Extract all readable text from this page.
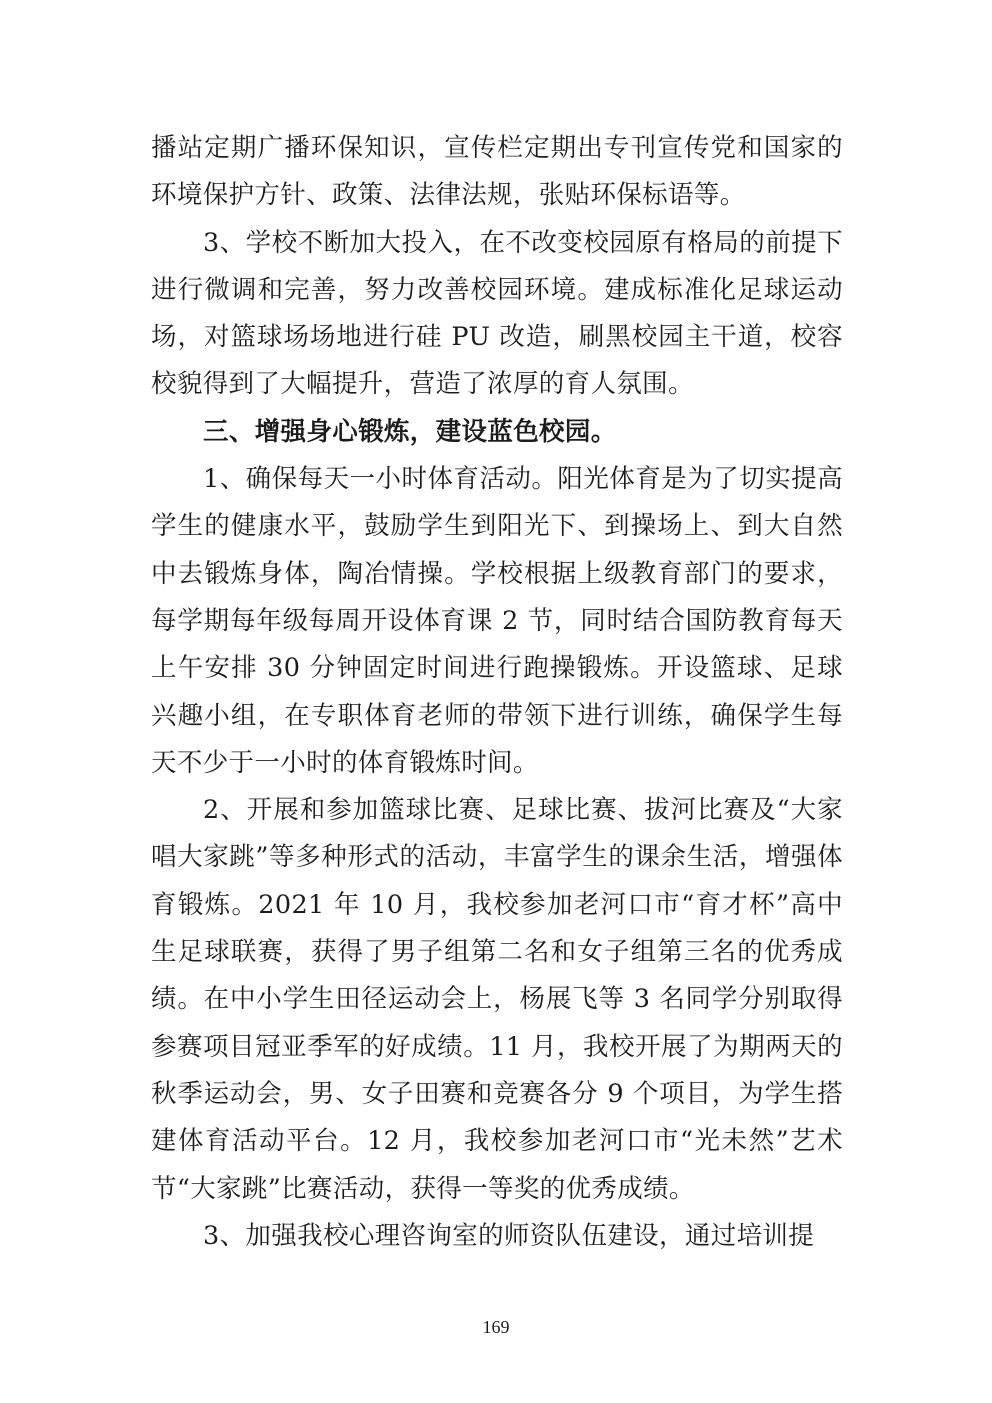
播站定期广播环保知识，宣传栏定期出专刊宣传党和国家的环境保护方针、政策、法律法规，张贴环保标语等。

3、学校不断加大投入，在不改变校园原有格局的前提下进行微调和完善，努力改善校园环境。建成标准化足球运动场，对篮球场场地进行硅 PU 改造，刷黑校园主干道，校容校貌得到了大幅提升，营造了浓厚的育人氛围。

三、增强身心锻炼，建设蓝色校园。

1、确保每天一小时体育活动。阳光体育是为了切实提高学生的健康水平，鼓励学生到阳光下、到操场上、到大自然中去锻炼身体，陶冶情操。学校根据上级教育部门的要求，每学期每年级每周开设体育课 2 节，同时结合国防教育每天上午安排 30 分钟固定时间进行跑操锻炼。开设篮球、足球兴趣小组，在专职体育老师的带领下进行训练，确保学生每天不少于一小时的体育锻炼时间。

2、开展和参加篮球比赛、足球比赛、拔河比赛及“大家唱大家跳”等多种形式的活动，丰富学生的课余生活，增强体育锻炼。2021 年 10 月，我校参加老河口市“育才杯”高中生足球联赛，获得了男子组第二名和女子组第三名的优秀成绩。在中小学生田径运动会上，杨展飞等 3 名同学分别取得参赛项目冠亚季军的好成绩。11 月，我校开展了为期两天的秋季运动会，男、女子田赛和竞赛各分 9 个项目，为学生搭建体育活动平台。12 月，我校参加老河口市“光未然”艺术节“大家跳”比赛活动，获得一等奖的优秀成绩。

3、加强我校心理咨询室的师资队伍建设，通过培训提

169
